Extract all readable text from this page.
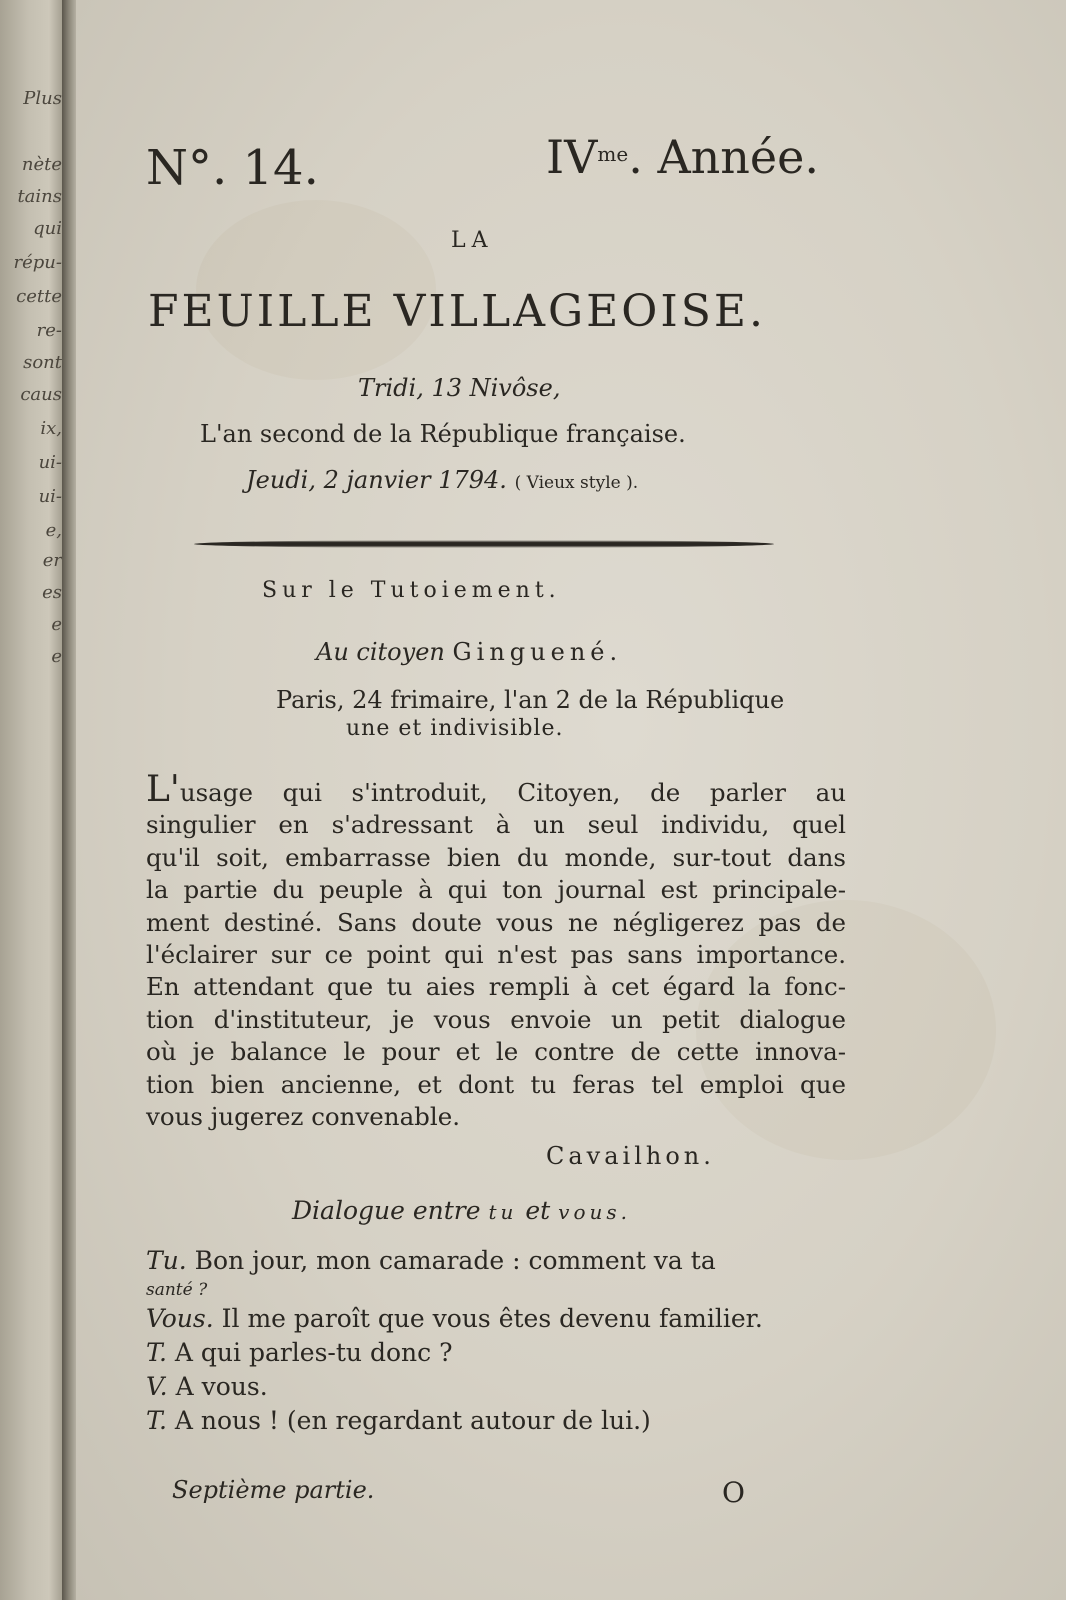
Plus
nète
tains
qui
répu-
cette
re-
sont
caus
ix,
ui-
ui-
e,
er
es
e
e
N°. 14.	$IV^{me}$. Année.
LA
FEUILLE VILLAGEOISE.
Tridi, 13 Nivôse,
L'an second de la République française.
Jeudi, 2 janvier 1794. ( Vieux style ).
Sur le Tutoiement.
Au citoyen Ginguené.
Paris, 24 frimaire, l'an 2 de la République
une et indivisible.
L'usage qui s'introduit, Citoyen, de parler au
singulier en s'adressant à un seul individu, quel
qu'il soit, embarrasse bien du monde, sur-tout dans
la partie du peuple à qui ton journal est principale-
ment destiné. Sans doute vous ne négligerez pas de
l'éclairer sur ce point qui n'est pas sans importance.
En attendant que tu aies rempli à cet égard la fonc-
tion d'instituteur, je vous envoie un petit dialogue
où je balance le pour et le contre de cette innova-
tion bien ancienne, et dont tu feras tel emploi que
vous jugerez convenable.
Cavailhon.
Dialogue entre tu et vous.
Tu. Bon jour, mon camarade : comment va ta
santé ?
Vous. Il me paroît que vous êtes devenu familier.
T. A qui parles-tu donc ?
V. A vous.
T. A nous ! (en regardant autour de lui.)
Septième partie.	O
